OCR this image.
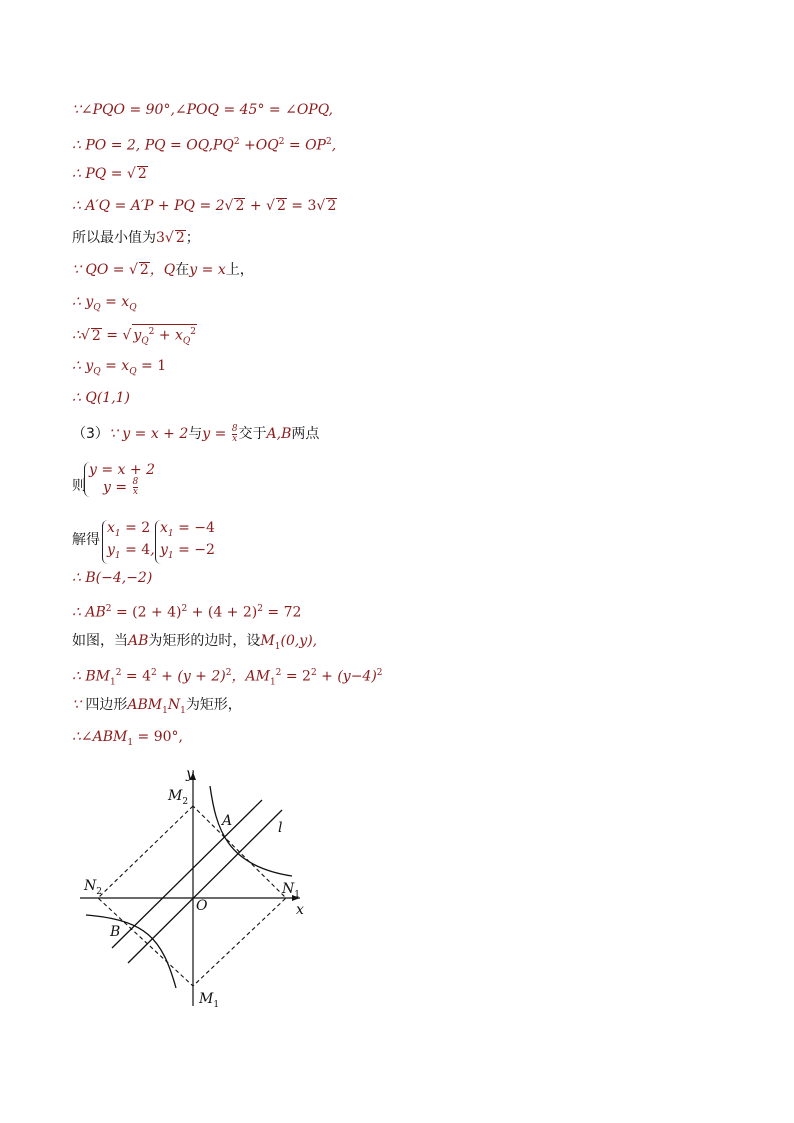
∵∠PQO = 90°,∠POQ = 45° = ∠OPQ,
∴ PO = 2, PQ = $OQ,PQ^2 +OQ^2 = OP^2$,
∴ PQ = √ 2
∴ A′Q = A′P + PQ = 2√ 2 + √ 2 = 3√ 2
所以最小值为3√ 2；
∵ QO = √ 2，Q在y = x上，
∴ $y_Q = x_Q$
∴√ 2 = √ $y_Q^2 + x_Q^2$
∴ $y_Q = x_Q = 1$
∴ Q(1,1)
（3）∵ y = x + 2与$y = \frac{8}{x}$ 交于A,B两点
则
y = x + 2
$y = \frac{8}{x}$
解得
$x_1 = 2$
$y_1 = 4$,
$x_1 = -4$
$y_1 = -2$
∴ B(−4,−2)
∴ $AB^2 = (2 + 4)^2 + (4 + 2)^2 = 72$
如图，当AB为矩形的边时，设$M_1(0,y)$,
∴ $BM_1^2 = 4^2 + (y + 2)^2$，$AM_1^2 = 2^2 + (y-4)^2$
∵ 四边形$ABM_1N_1$为矩形，
$\therefore\angle ABM_1 = 90^\circ$,
y
$M_2$
A	l
$N_2$	$N_1$
O	x
B
$M_1$
